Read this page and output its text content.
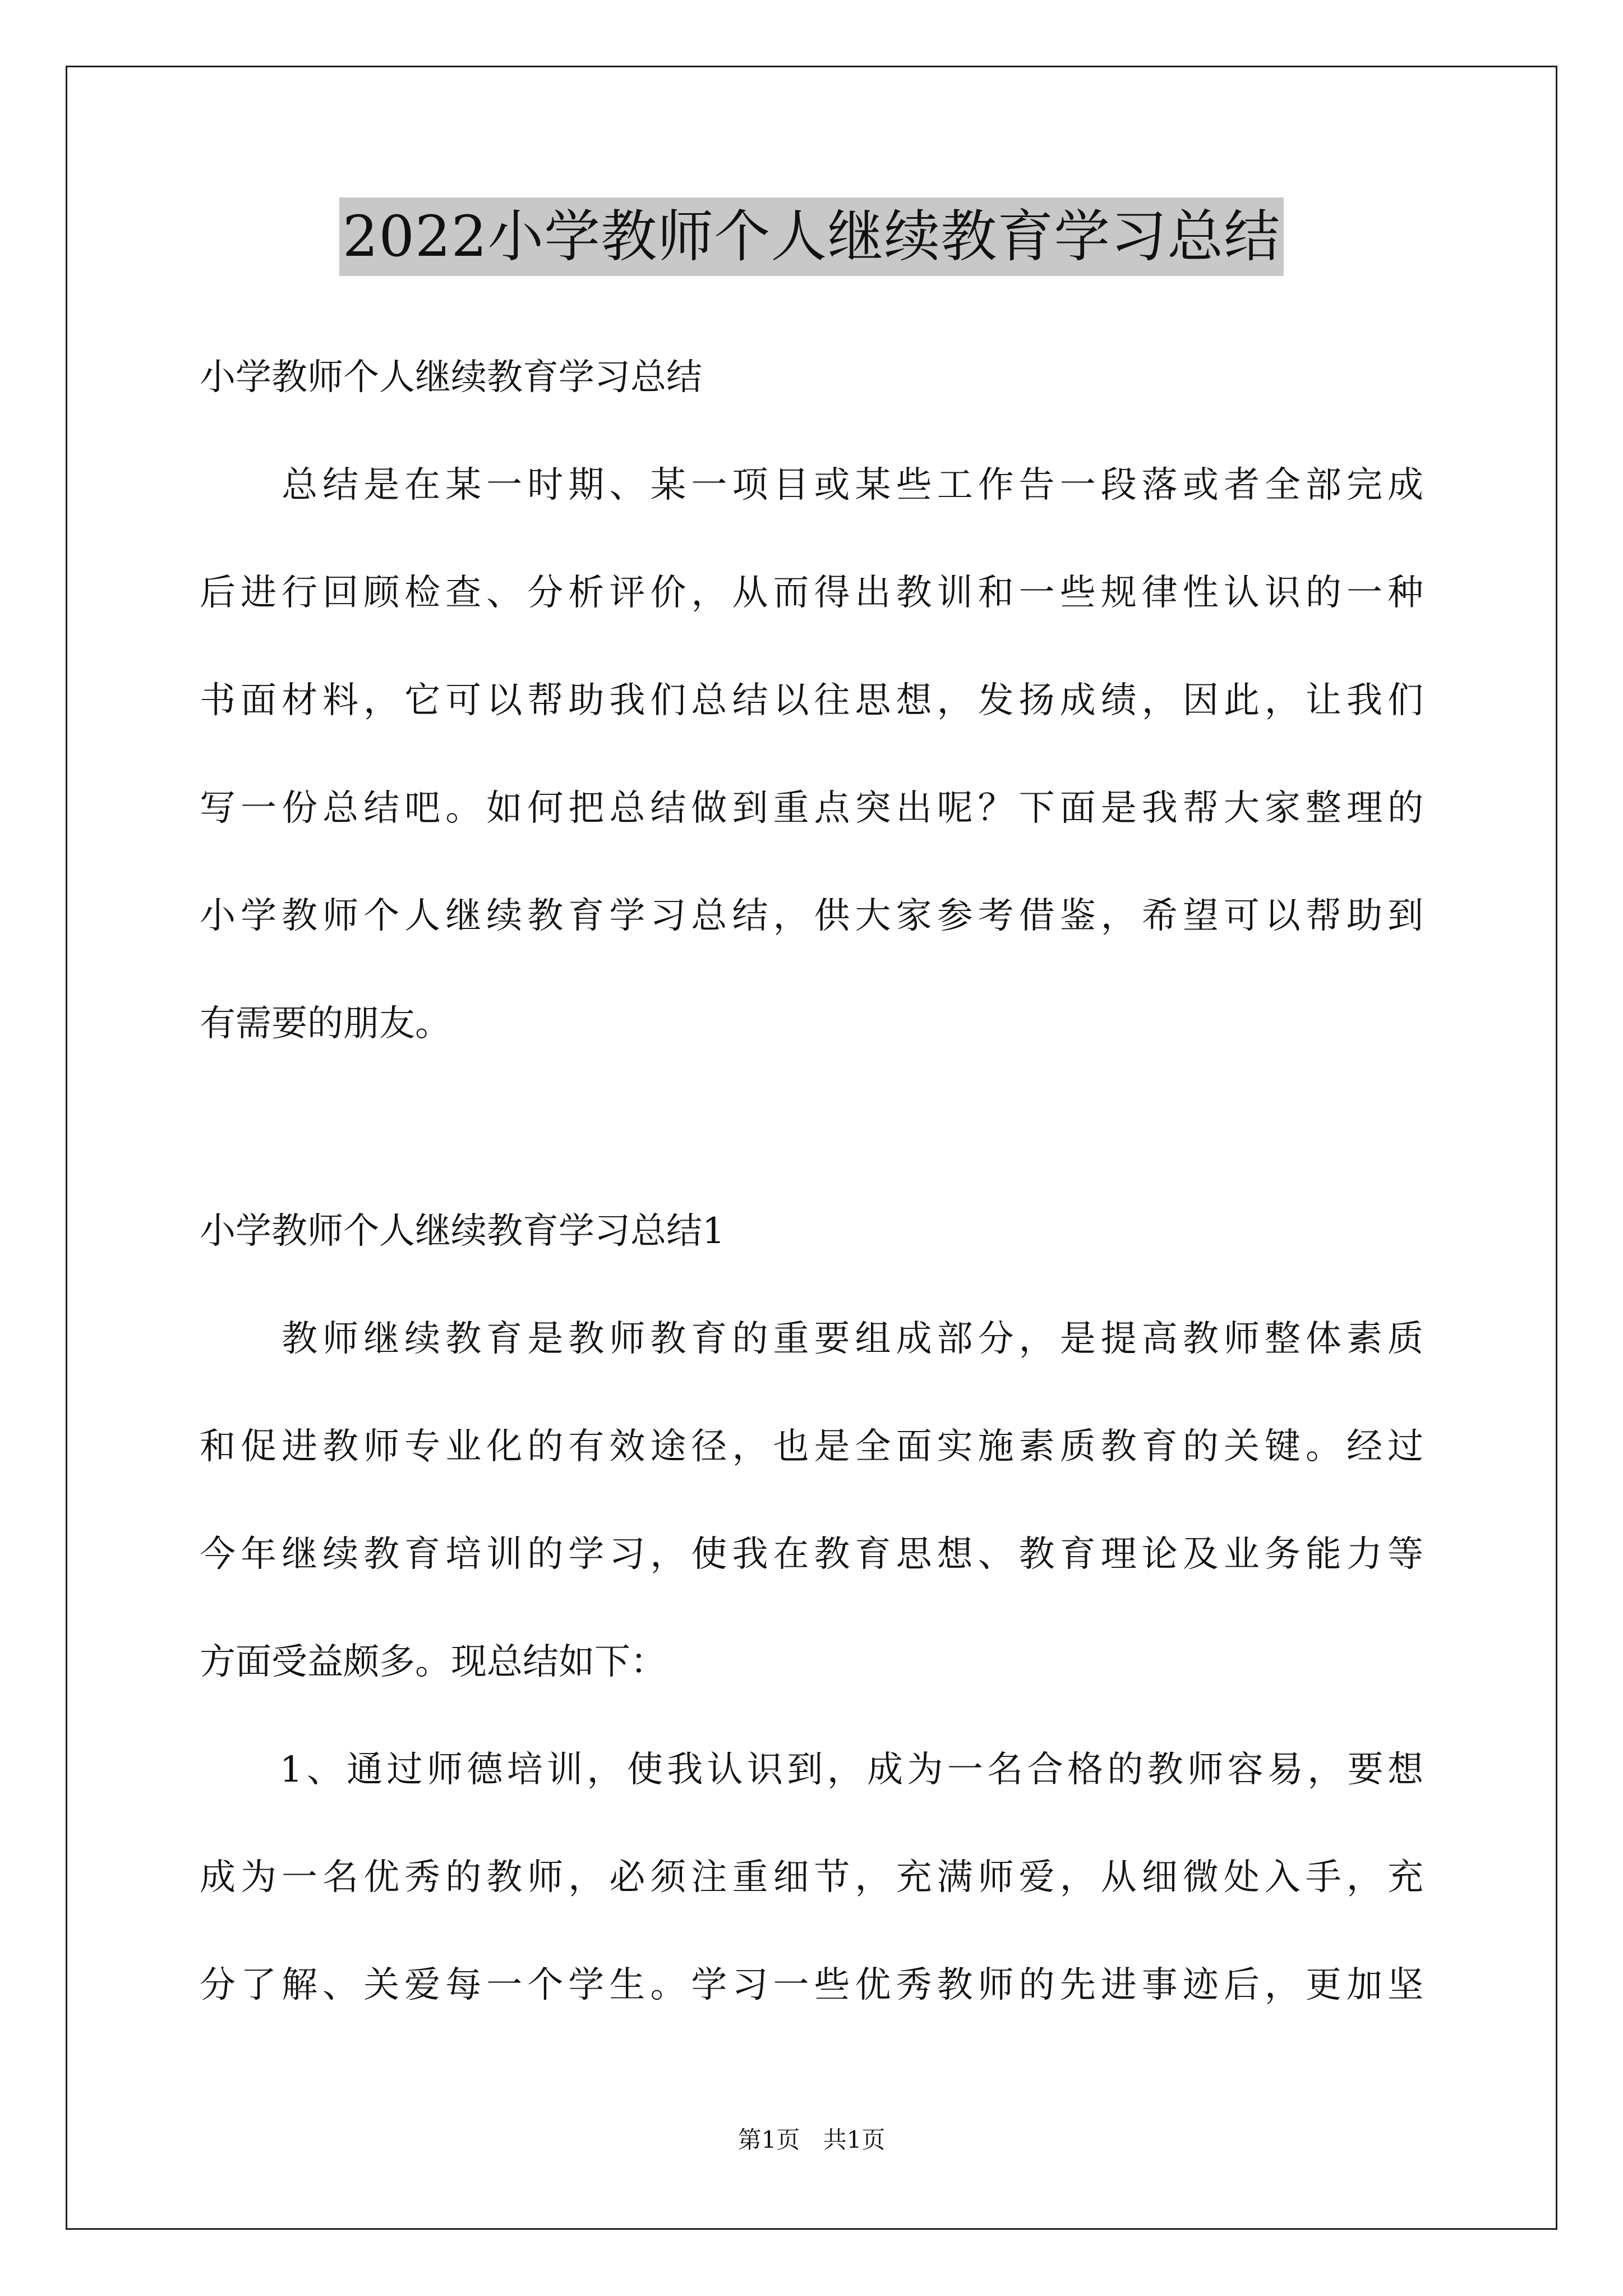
2022小学教师个人继续教育学习总结
小学教师个人继续教育学习总结
　　总结是在某一时期、某一项目或某些工作告一段落或者全部完成
后进行回顾检查、分析评价，从而得出教训和一些规律性认识的一种
书面材料，它可以帮助我们总结以往思想，发扬成绩，因此，让我们
写一份总结吧。如何把总结做到重点突出呢？下面是我帮大家整理的
小学教师个人继续教育学习总结，供大家参考借鉴，希望可以帮助到
有需要的朋友。
小学教师个人继续教育学习总结1
　　教师继续教育是教师教育的重要组成部分，是提高教师整体素质
和促进教师专业化的有效途径，也是全面实施素质教育的关键。经过
今年继续教育培训的学习，使我在教育思想、教育理论及业务能力等
方面受益颇多。现总结如下：
　　1、通过师德培训，使我认识到，成为一名合格的教师容易，要想
成为一名优秀的教师，必须注重细节，充满师爱，从细微处入手，充
分了解、关爱每一个学生。学习一些优秀教师的先进事迹后，更加坚
第1页 共1页
